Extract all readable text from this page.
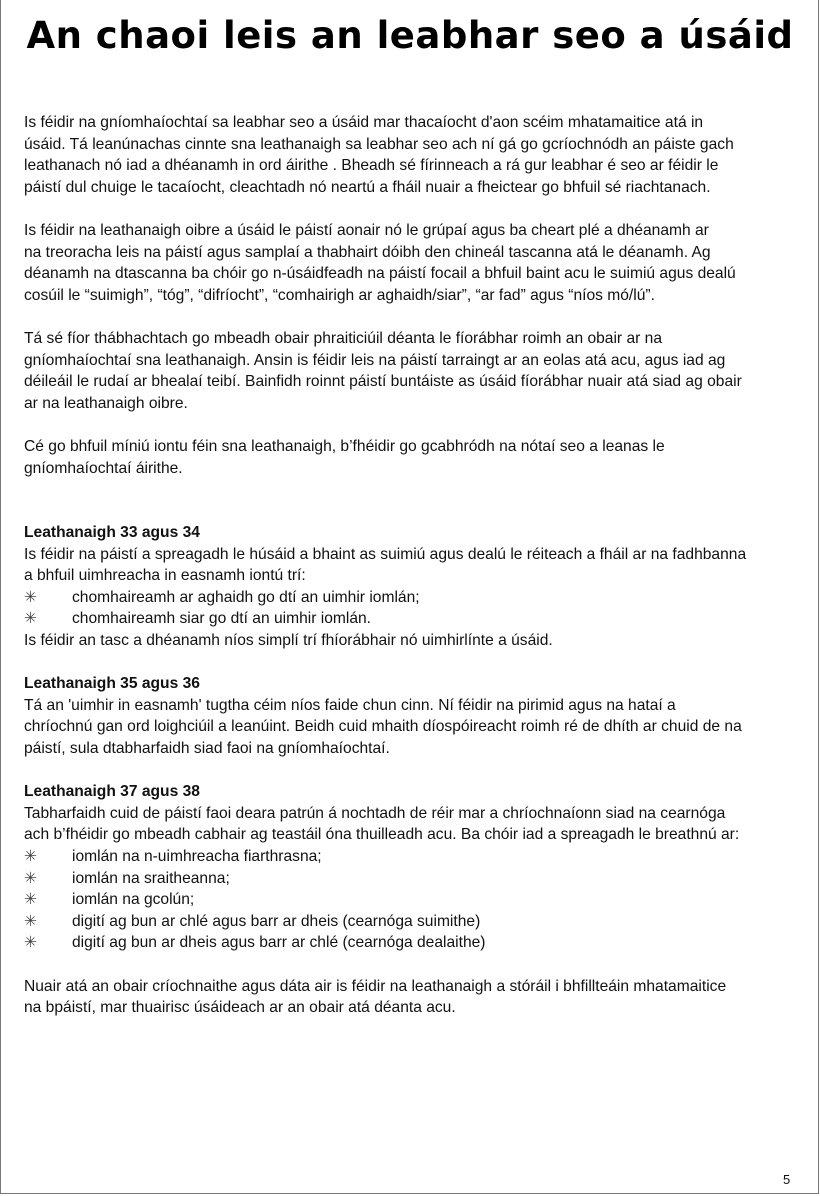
An chaoi leis an leabhar seo a úsáid
Is féidir na gníomhaíochtaí sa leabhar seo a úsáid mar thacaíocht d'aon scéim mhatamaitice atá in
úsáid. Tá leanúnachas cinnte sna leathanaigh sa leabhar seo ach ní gá go gcríochnódh an páiste gach
leathanach nó iad a dhéanamh in ord áirithe . Bheadh sé fírinneach a rá gur leabhar é seo ar féidir le
páistí dul chuige le tacaíocht, cleachtadh nó neartú a fháil nuair a fheictear go bhfuil sé riachtanach.
Is féidir na leathanaigh oibre a úsáid le páistí aonair nó le grúpaí agus ba cheart plé a dhéanamh ar
na treoracha leis na páistí agus samplaí a thabhairt dóibh den chineál tascanna atá le déanamh. Ag
déanamh na dtascanna ba chóir go n-úsáidfeadh na páistí focail a bhfuil baint acu le suimiú agus dealú
cosúil le “suimigh”, “tóg”, “difríocht”, “comhairigh ar aghaidh/siar”, “ar fad” agus “níos mó/lú”.
Tá sé fíor thábhachtach go mbeadh obair phraiticiúil déanta le fíorábhar roimh an obair ar na
gníomhaíochtaí sna leathanaigh. Ansin is féidir leis na páistí tarraingt ar an eolas atá acu, agus iad ag
déileáil le rudaí ar bhealaí teibí. Bainfidh roinnt páistí buntáiste as úsáid fíorábhar nuair atá siad ag obair
ar na leathanaigh oibre.
Cé go bhfuil míniú iontu féin sna leathanaigh, b’fhéidir go gcabhródh na nótaí seo a leanas le
gníomhaíochtaí áirithe.
Leathanaigh 33 agus 34
Is féidir na páistí a spreagadh le húsáid a bhaint as suimiú agus dealú le réiteach a fháil ar na fadhbanna
a bhfuil uimhreacha in easnamh iontú trí:
✳ chomhaireamh ar aghaidh go dtí an uimhir iomlán;
✳ chomhaireamh siar go dtí an uimhir iomlán.
Is féidir an tasc a dhéanamh níos simplí trí fhíorábhair nó uimhirlínte a úsáid.
Leathanaigh 35 agus 36
Tá an 'uimhir in easnamh' tugtha céim níos faide chun cinn. Ní féidir na pirimid agus na hataí a
chríochnú gan ord loighciúil a leanúint. Beidh cuid mhaith díospóireacht roimh ré de dhíth ar chuid de na
páistí, sula dtabharfaidh siad faoi na gníomhaíochtaí.
Leathanaigh 37 agus 38
Tabharfaidh cuid de páistí faoi deara patrún á nochtadh de réir mar a chríochnaíonn siad na cearnóga
ach b’fhéidir go mbeadh cabhair ag teastáil óna thuilleadh acu. Ba chóir iad a spreagadh le breathnú ar:
✳ iomlán na n-uimhreacha fiarthrasna;
✳ iomlán na sraitheanna;
✳ iomlán na gcolún;
✳ digití ag bun ar chlé agus barr ar dheis (cearnóga suimithe)
✳ digití ag bun ar dheis agus barr ar chlé (cearnóga dealaithe)
Nuair atá an obair críochnaithe agus dáta air is féidir na leathanaigh a stóráil i bhfillteáin mhatamaitice
na bpáistí, mar thuairisc úsáideach ar an obair atá déanta acu.
5
